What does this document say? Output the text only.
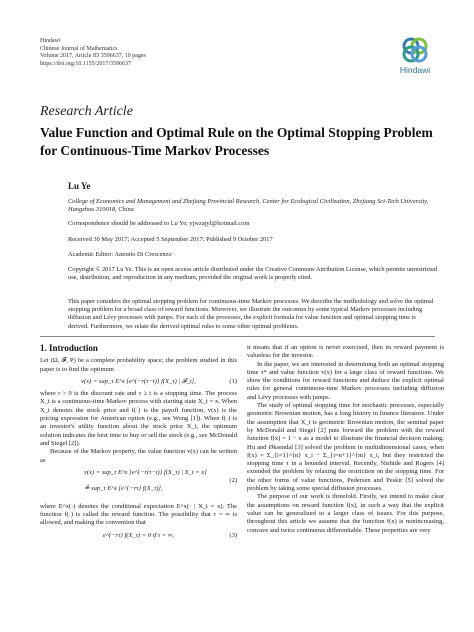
Hindawi
Chinese Journal of Mathematics
Volume 2017, Article ID 3596637, 10 pages
https://doi.org/10.1155/2017/3596637
Hindawi
Research Article
Value Function and Optimal Rule on the Optimal Stopping Problem for Continuous-Time Markov Processes
Lu Ye
College of Economics and Management and Zhejiang Provincial Research, Center for Ecological Civilization, Zhejiang Sci-Tech University, Hangzhou 310018, China
Correspondence should be addressed to Lu Ye; yjwzajyl@hotmail.com
Received 30 May 2017; Accepted 5 September 2017; Published 9 October 2017
Academic Editor: Antonio Di Crescenzo
Copyright © 2017 Lu Ye. This is an open access article distributed under the Creative Commons Attribution License, which permits unrestricted use, distribution, and reproduction in any medium, provided the original work is properly cited.
This paper considers the optimal stopping problem for continuous-time Markov processes. We describe the methodology and solve the optimal stopping problem for a broad class of reward functions. Moreover, we illustrate the outcomes by some typical Markov processes including diffusion and Lévy processes with jumps. For each of the processes, the explicit formula for value function and optimal stopping time is derived. Furthermore, we relate the derived optimal rules to some other optimal problems.
1. Introduction

Let (Ω, 𝓕, P) be a complete probability space; the problem studied in this paper is to find the optimum

v(x) = sup_τ E^x [e^{−r(τ−t)} f(X_τ) | 𝓕_t],	(1)

where r > 0 is the discount rate and τ ≥ t is a stopping time. The process X_t is a continuous-time Markov process with starting state X_t = x. When X_t denotes the stock price and f(·) is the payoff function, v(x) is the pricing expression for American option (e.g., see Wong [1]). When f(·) is an investor's utility function about the stock price X_t, the optimum solution indicates the best time to buy or sell the stock (e.g., see McDonald and Siegel [2]).

Because of the Markov property, the value function v(x) can be written as

v(x) = sup_τ E^x [e^{−r(τ−t)} f(X_τ) | X_t = x]
≜ sup_τ E^x [e^{−rτ} f(X_τ)],
(2)

where E^x(·) denotes the conditional expectation E^x(· | X_t = x). The function f(·) is called the reward function. The possibility that τ = ∞ is allowed, and making the convention that

e^{−rτ} f(X_τ) = 0 if τ = ∞,	(3)

it means that if an option is never exercised, then its reward payment is valueless for the investor.

In the paper, we are interested in determining both an optimal stopping time τ* and value function v(x) for a large class of reward functions. We show the conditions for reward functions and deduce the explicit optimal rules for general continuous-time Markov processes including diffusion and Lévy processes with jumps.

The study of optimal stopping time for stochastic processes, especially geometric Brownian motion, has a long history in finance literature. Under the assumption that X_t is geometric Brownian motion, the seminal paper by McDonald and Siegel [2] puts forward the problem with the reward function f(x) = 1 − x as a model to illustrate the financial decision making. Hu and Øksendal [3] solved the problem in multidimensional cases, when f(x) = Σ_{i=1}^{n} x_i − Σ_{i=n+1}^{m} x_i, but they restricted the stopping time τ in a bounded interval. Recently, Nishide and Rogers [4] extended the problem by relaxing the restriction on the stopping time. For the other forms of value functions, Pedersen and Peskir [5] solved the problem by taking some special diffusion processes.

The purpose of our work is threefold. Firstly, we intend to make clear the assumptions on reward function f(x), in such a way that the explicit value can be generalized to a larger class of issues. For this purpose, throughout this article we assume that the function f(x) is nonincreasing, concave and twice continuous differentiable. These properties are very
